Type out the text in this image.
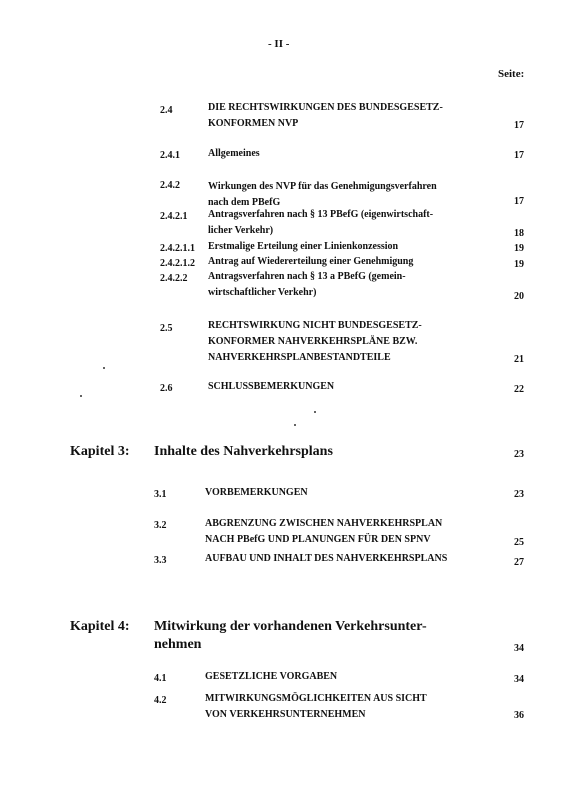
- II -
Seite:
2.4	DIE RECHTSWIRKUNGEN DES BUNDESGESETZ-
KONFORMEN NVP	17
2.4.1	Allgemeines	17
2.4.2	Wirkungen des NVP für das Genehmigungsverfahren
nach dem PBefG	17
2.4.2.1 Antragsverfahren nach § 13 PBefG (eigenwirtschaft-
licher Verkehr)	18
2.4.2.1.1 Erstmalige Erteilung einer Linienkonzession	19
2.4.2.1.2 Antrag auf Wiedererteilung einer Genehmigung	19
2.4.2.2 Antragsverfahren nach § 13 a PBefG (gemein-
wirtschaftlicher Verkehr)	20
2.5	RECHTSWIRKUNG NICHT BUNDESGESETZ-
KONFORMER NAHVERKEHRSPLÄNE BZW.
NAHVERKEHRSPLANBESTANDTEILE	21
2.6	SCHLUSSBEMERKUNGEN	22
Kapitel 3: Inhalte des Nahverkehrsplans	23
3.1	VORBEMERKUNGEN	23
3.2	ABGRENZUNG ZWISCHEN NAHVERKEHRSPLAN
NACH PBefG UND PLANUNGEN FÜR DEN SPNV	25
3.3	AUFBAU UND INHALT DES NAHVERKEHRSPLANS	27
Kapitel 4: Mitwirkung der vorhandenen Verkehrsunter-
nehmen	34
4.1	GESETZLICHE VORGABEN	34
4.2	MITWIRKUNGSMÖGLICHKEITEN AUS SICHT
VON VERKEHRSUNTERNEHMEN	36
